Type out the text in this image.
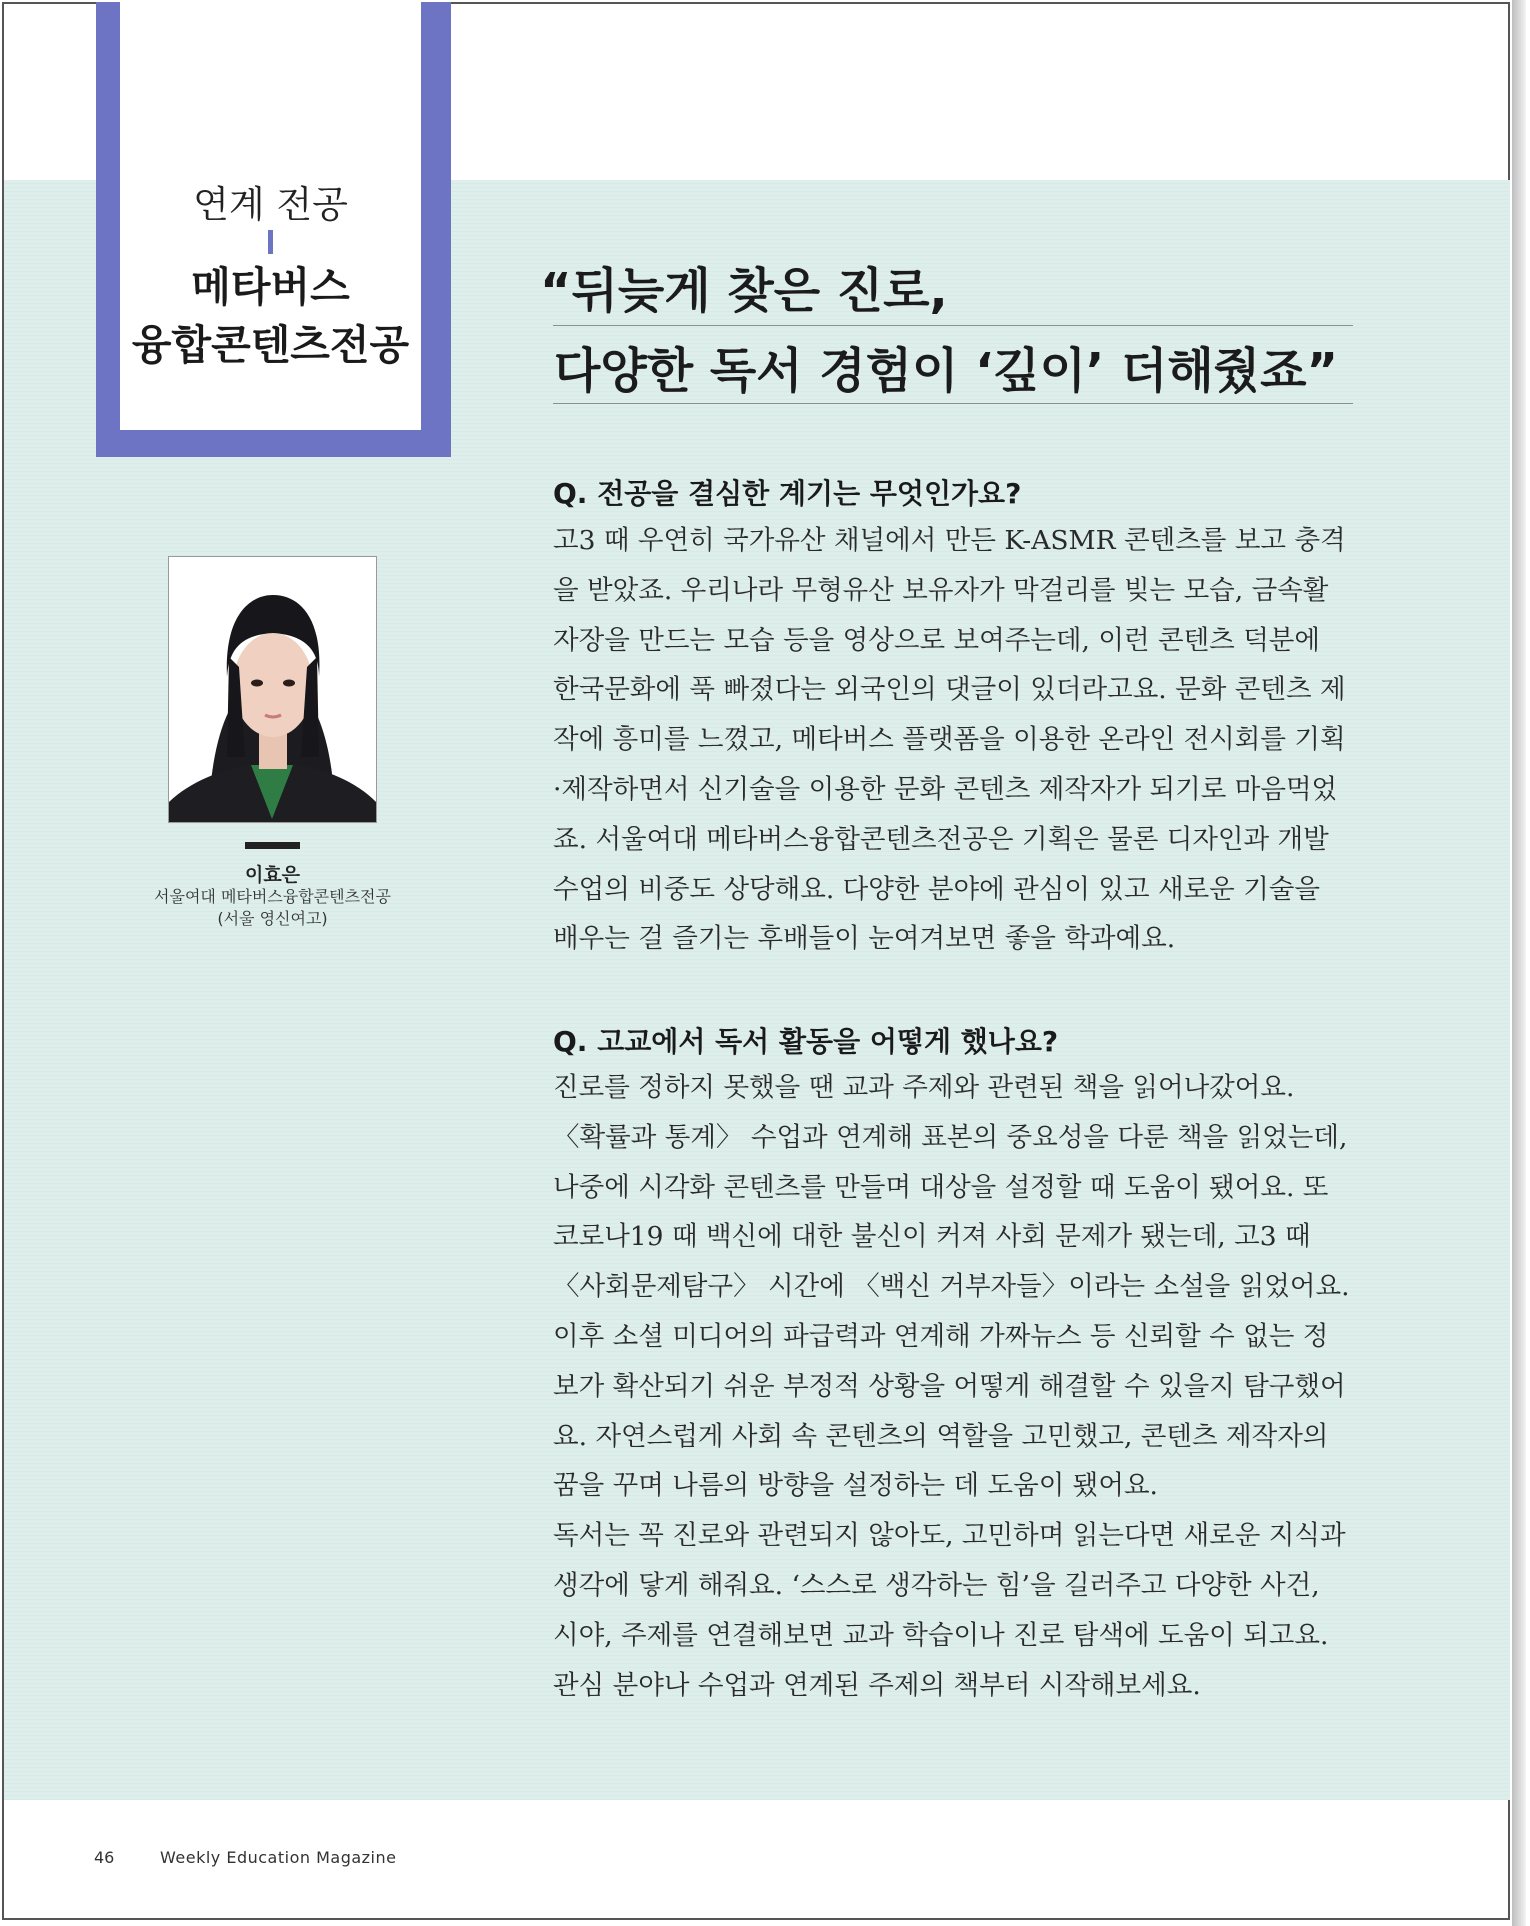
연계 전공
메타버스
융합콘텐츠전공
“뒤늦게 찾은 진로,
다양한 독서 경험이 ‘깊이’ 더해줬죠”
이효은
서울여대 메타버스융합콘텐츠전공
(서울 영신여고)
Q. 전공을 결심한 계기는 무엇인가요?

고3 때 우연히 국가유산 채널에서 만든 K-ASMR 콘텐츠를 보고 충격을 받았죠. 우리나라 무형유산 보유자가 막걸리를 빚는 모습, 금속활자장을 만드는 모습 등을 영상으로 보여주는데, 이런 콘텐츠 덕분에 한국문화에 푹 빠졌다는 외국인의 댓글이 있더라고요. 문화 콘텐츠 제작에 흥미를 느꼈고, 메타버스 플랫폼을 이용한 온라인 전시회를 기획·제작하면서 신기술을 이용한 문화 콘텐츠 제작자가 되기로 마음먹었죠. 서울여대 메타버스융합콘텐츠전공은 기획은 물론 디자인과 개발 수업의 비중도 상당해요. 다양한 분야에 관심이 있고 새로운 기술을 배우는 걸 즐기는 후배들이 눈여겨보면 좋을 학과예요.

Q. 고교에서 독서 활동을 어떻게 했나요?

진로를 정하지 못했을 땐 교과 주제와 관련된 책을 읽어나갔어요. 〈확률과 통계〉 수업과 연계해 표본의 중요성을 다룬 책을 읽었는데, 나중에 시각화 콘텐츠를 만들며 대상을 설정할 때 도움이 됐어요. 또 코로나19 때 백신에 대한 불신이 커져 사회 문제가 됐는데, 고3 때 〈사회문제탐구〉 시간에 〈백신 거부자들〉이라는 소설을 읽었어요. 이후 소셜 미디어의 파급력과 연계해 가짜뉴스 등 신뢰할 수 없는 정보가 확산되기 쉬운 부정적 상황을 어떻게 해결할 수 있을지 탐구했어요. 자연스럽게 사회 속 콘텐츠의 역할을 고민했고, 콘텐츠 제작자의 꿈을 꾸며 나름의 방향을 설정하는 데 도움이 됐어요.

독서는 꼭 진로와 관련되지 않아도, 고민하며 읽는다면 새로운 지식과 생각에 닿게 해줘요. ‘스스로 생각하는 힘’을 길러주고 다양한 사건, 시야, 주제를 연결해보면 교과 학습이나 진로 탐색에 도움이 되고요. 관심 분야나 수업과 연계된 주제의 책부터 시작해보세요.

46	Weekly Education Magazine
